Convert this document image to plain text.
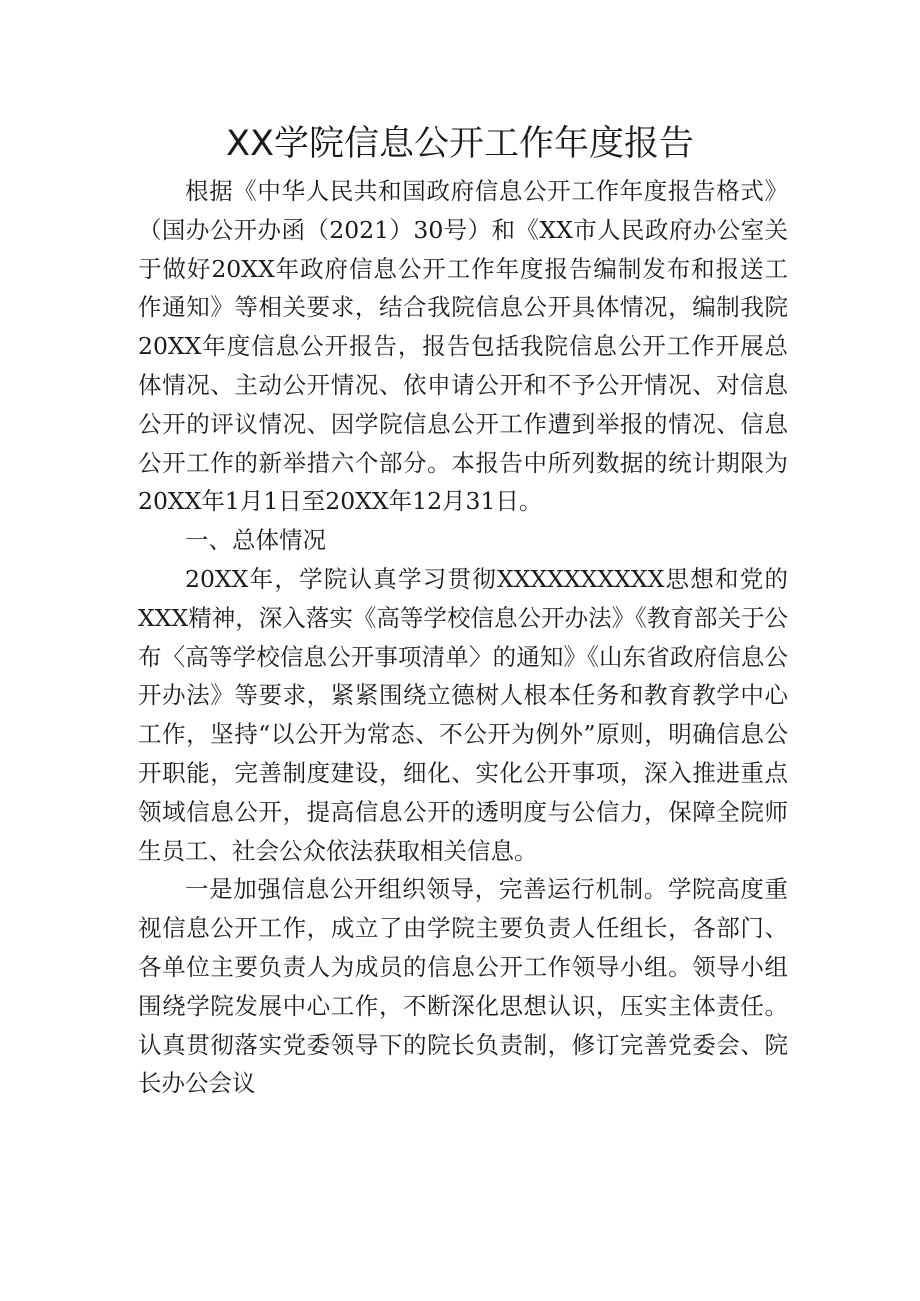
XX学院信息公开工作年度报告

根据《中华人民共和国政府信息公开工作年度报告格式》（国办公开办函（2021）30号）和《XX市人民政府办公室关于做好20XX年政府信息公开工作年度报告编制发布和报送工作通知》等相关要求，结合我院信息公开具体情况，编制我院20XX年度信息公开报告，报告包括我院信息公开工作开展总体情况、主动公开情况、依申请公开和不予公开情况、对信息公开的评议情况、因学院信息公开工作遭到举报的情况、信息公开工作的新举措六个部分。本报告中所列数据的统计期限为20XX年1月1日至20XX年12月31日。

一、总体情况

20XX年，学院认真学习贯彻XXXXXXXXXX思想和党的XXX精神，深入落实《高等学校信息公开办法》《教育部关于公布〈高等学校信息公开事项清单〉的通知》《山东省政府信息公开办法》等要求，紧紧围绕立德树人根本任务和教育教学中心工作，坚持“以公开为常态、不公开为例外”原则，明确信息公开职能，完善制度建设，细化、实化公开事项，深入推进重点领域信息公开，提高信息公开的透明度与公信力，保障全院师生员工、社会公众依法获取相关信息。

一是加强信息公开组织领导，完善运行机制。学院高度重视信息公开工作，成立了由学院主要负责人任组长，各部门、各单位主要负责人为成员的信息公开工作领导小组。领导小组围绕学院发展中心工作，不断深化思想认识，压实主体责任。认真贯彻落实党委领导下的院长负责制，修订完善党委会、院长办公会议
